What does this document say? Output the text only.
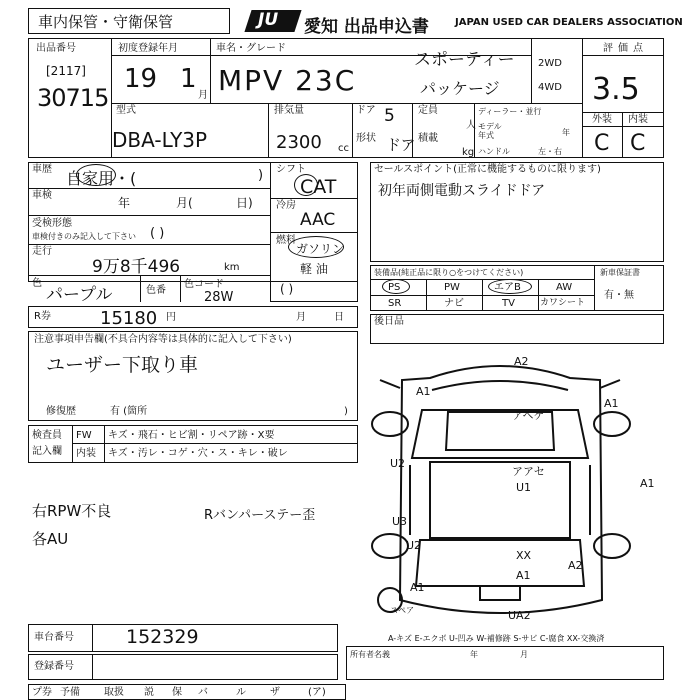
車内保管・守衛保管	JU 愛知 出品申込書	JAPAN USED CAR DEALERS ASSOCIATION
出品番号
[2117]
30715
初度登録年月
19 1
月
車名・グレード
MPV 23C
スポーティー
パッケージ
2WD
4WD
評価点
3.5
外装 内装
C C
型式
DBA-LY3P
排気量
2300 cc
ドア 5
形状 ドア
定員
人
積載
kg
ディーラー・並行
モデル年式	年
ハンドル	左・右
車歴 自家用・(	)
車検
年	月(	日)
受検形態
車検付きのみ記入して下さい ( )
走行
9万8千496	km
色
パープル	色番
色コード
28W
シフト
CAT
冷房
AAC
燃料
ガソリン
軽 油
( )
R券	15180 円	月	日
注意事項申告欄(不具合内容等は具体的に記入して下さい)
ユーザー下取り車
修復歴	有 (箇所	)
検査員
記入欄
FW キズ・飛石・ヒビ割・リペア跡・X要
内装 キズ・汚レ・コゲ・穴・ス・キレ・破レ
右RPW不良
各AU
Rバンパーステー歪
セールスポイント(正常に機能するものに限ります)
初年両側電動スライドドア
装備品(純正品に限り○をつけてください)	新車保証書
有・無
PS	PW	エアB	AW
SR	ナビ	TV	カワシート
後日品
A2
A1
A1
A1
U2
U3
U2
A1
U1
XX
A1
A2
UA2
アヘゲ
アアセ
スペア
A-キズ E-エクボ U-凹み W-補修跡 S-サビ C-腐食 XX-交換済
車台番号	152329
登録番号
所有者名義	年	月
プ券 予備 取扱 説 保 バ	ル ザ	(ア)
